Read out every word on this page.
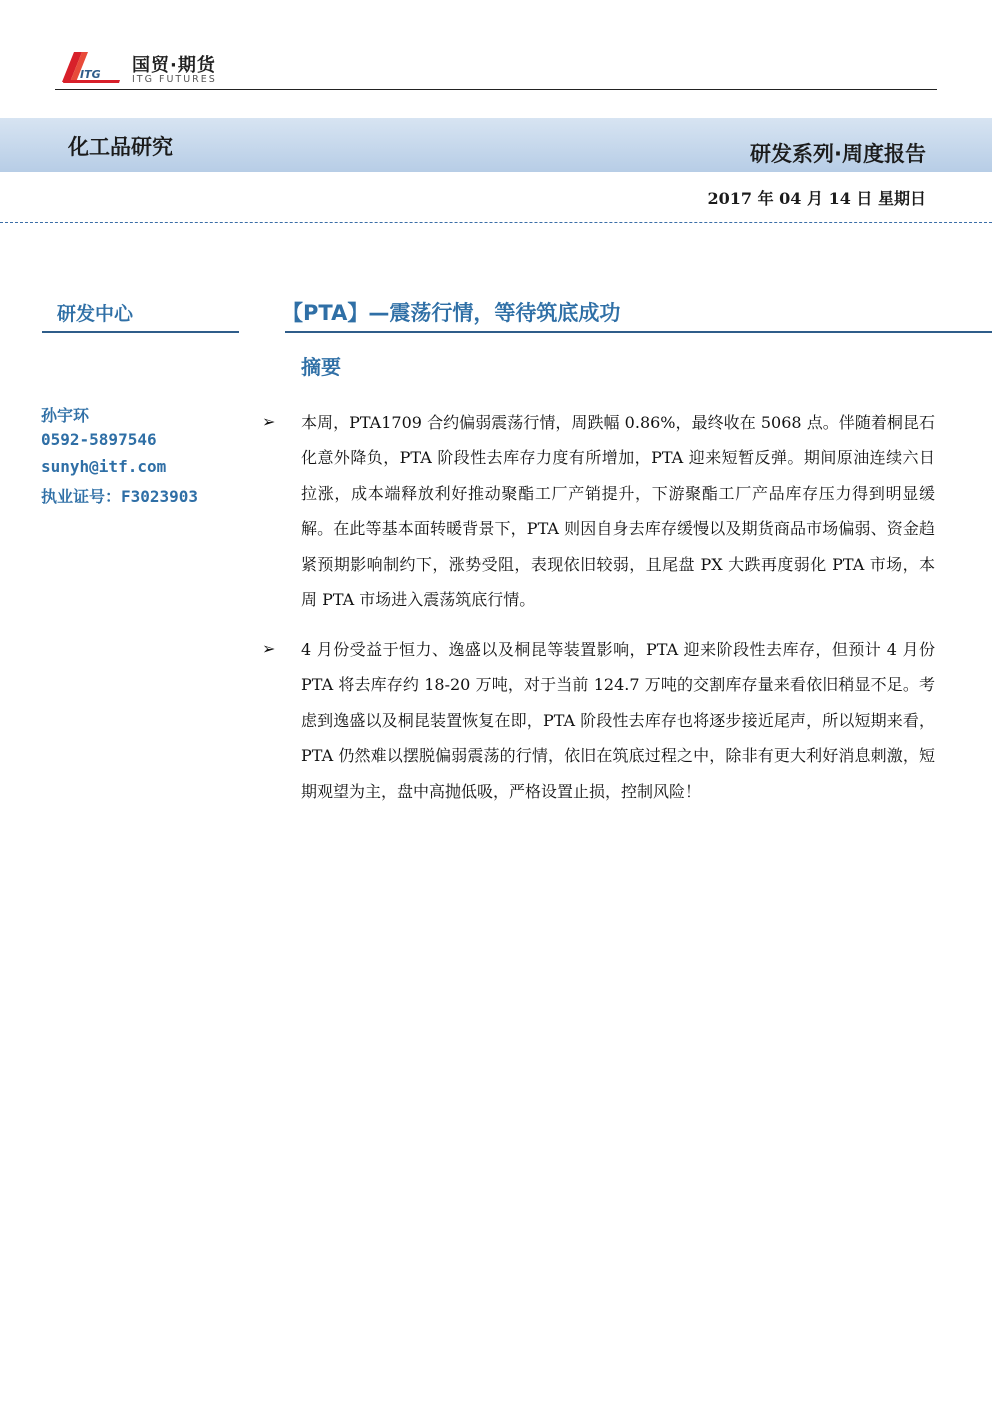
ITG 国贸·期货
ITG FUTURES
化工品研究	研发系列·周度报告
2017 年 04 月 14 日 星期日
研发中心
孙宇环
0592-5897546
sunyh@itf.com
执业证号：F3023903
【PTA】—震荡行情，等待筑底成功
摘要
➢	本周，PTA1709 合约偏弱震荡行情，周跌幅 0.86%，最终收在 5068 点。伴随着桐昆石化意外降负，PTA 阶段性去库存力度有所增加，PTA 迎来短暂反弹。期间原油连续六日拉涨，成本端释放利好推动聚酯工厂产销提升，下游聚酯工厂产品库存压力得到明显缓解。在此等基本面转暖背景下，PTA 则因自身去库存缓慢以及期货商品市场偏弱、资金趋紧预期影响制约下，涨势受阻，表现依旧较弱，且尾盘 PX 大跌再度弱化 PTA 市场，本周 PTA 市场进入震荡筑底行情。
➢	4 月份受益于恒力、逸盛以及桐昆等装置影响，PTA 迎来阶段性去库存，但预计 4 月份 PTA 将去库存约 18-20 万吨，对于当前 124.7 万吨的交割库存量来看依旧稍显不足。考虑到逸盛以及桐昆装置恢复在即，PTA 阶段性去库存也将逐步接近尾声，所以短期来看，PTA 仍然难以摆脱偏弱震荡的行情，依旧在筑底过程之中，除非有更大利好消息刺激，短期观望为主，盘中高抛低吸，严格设置止损，控制风险！
